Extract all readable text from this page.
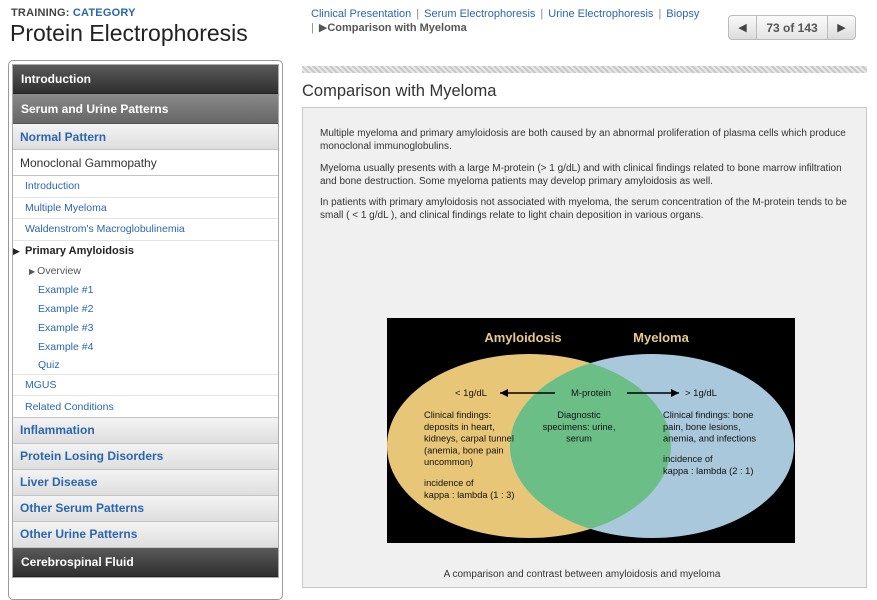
TRAINING: CATEGORY
Protein Electrophoresis
Clinical Presentation | Serum Electrophoresis | Urine Electrophoresis | Biopsy
| ▶Comparison with Myeloma	◀	73 of 143	▶
Introduction
Serum and Urine Patterns
Normal Pattern
Monoclonal Gammopathy
Introduction
Multiple Myeloma
Waldenstrom's Macroglobulinemia
▶ Primary Amyloidosis
▶ Overview
Example #1
Example #2
Example #3
Example #4
Quiz
MGUS
Related Conditions
Inflammation
Protein Losing Disorders
Liver Disease
Other Serum Patterns
Other Urine Patterns
Cerebrospinal Fluid
Comparison with Myeloma

Multiple myeloma and primary amyloidosis are both caused by an abnormal proliferation of plasma cells which produce monoclonal immunoglobulins.

Myeloma usually presents with a large M-protein (> 1 g/dL) and with clinical findings related to bone marrow infiltration and bone destruction. Some myeloma patients may develop primary amyloidosis as well.

In patients with primary amyloidosis not associated with myeloma, the serum concentration of the M-protein tends to be small ( < 1 g/dL ), and clinical findings relate to light chain deposition in various organs.

Amyloidosis	Myeloma
< 1g/dL	M-protein	> 1g/dL
Clinical findings:
deposits in heart,
kidneys, carpal tunnel
(anemia, bone pain
uncommon)
incidence of
kappa : lambda (1 : 3)
Diagnostic
specimens: urine,
serum
Clinical findings: bone
pain, bone lesions,
anemia, and infections
incidence of
kappa : lambda (2 : 1)
A comparison and contrast between amyloidosis and myeloma
